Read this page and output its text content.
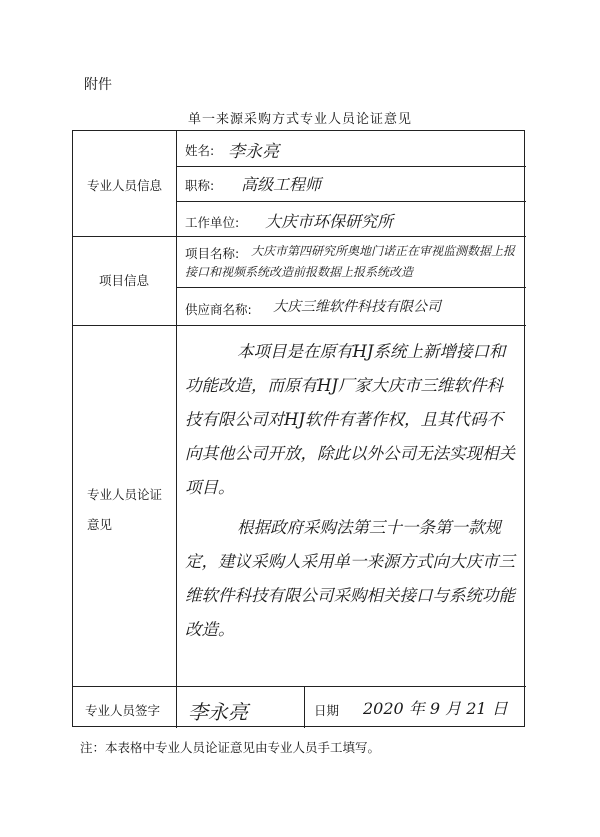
附件
单一来源采购方式专业人员论证意见
专业人员信息
姓名: 李永亮
职称: 高级工程师
工作单位: 大庆市环保研究所
项目信息
项目名称: 大庆市第四研究所奥地门诺正在审视监测数据上报接口和视频系统改造前报数据上报系统改造
供应商名称: 大庆三维软件科技有限公司
专业人员论证
意见
本项目是在原有HJ系统上新增接口和功能改造，而原有HJ厂家大庆市三维软件科技有限公司对HJ软件有著作权，且其代码不向其他公司开放，除此以外公司无法实现相关项目。
根据政府采购法第三十一条第一款规定，建议采购人采用单一来源方式向大庆市三维软件科技有限公司采购相关接口与系统功能改造。
专业人员签字 李永亮	日期 2020 年 9 月 21 日
注：本表格中专业人员论证意见由专业人员手工填写。
